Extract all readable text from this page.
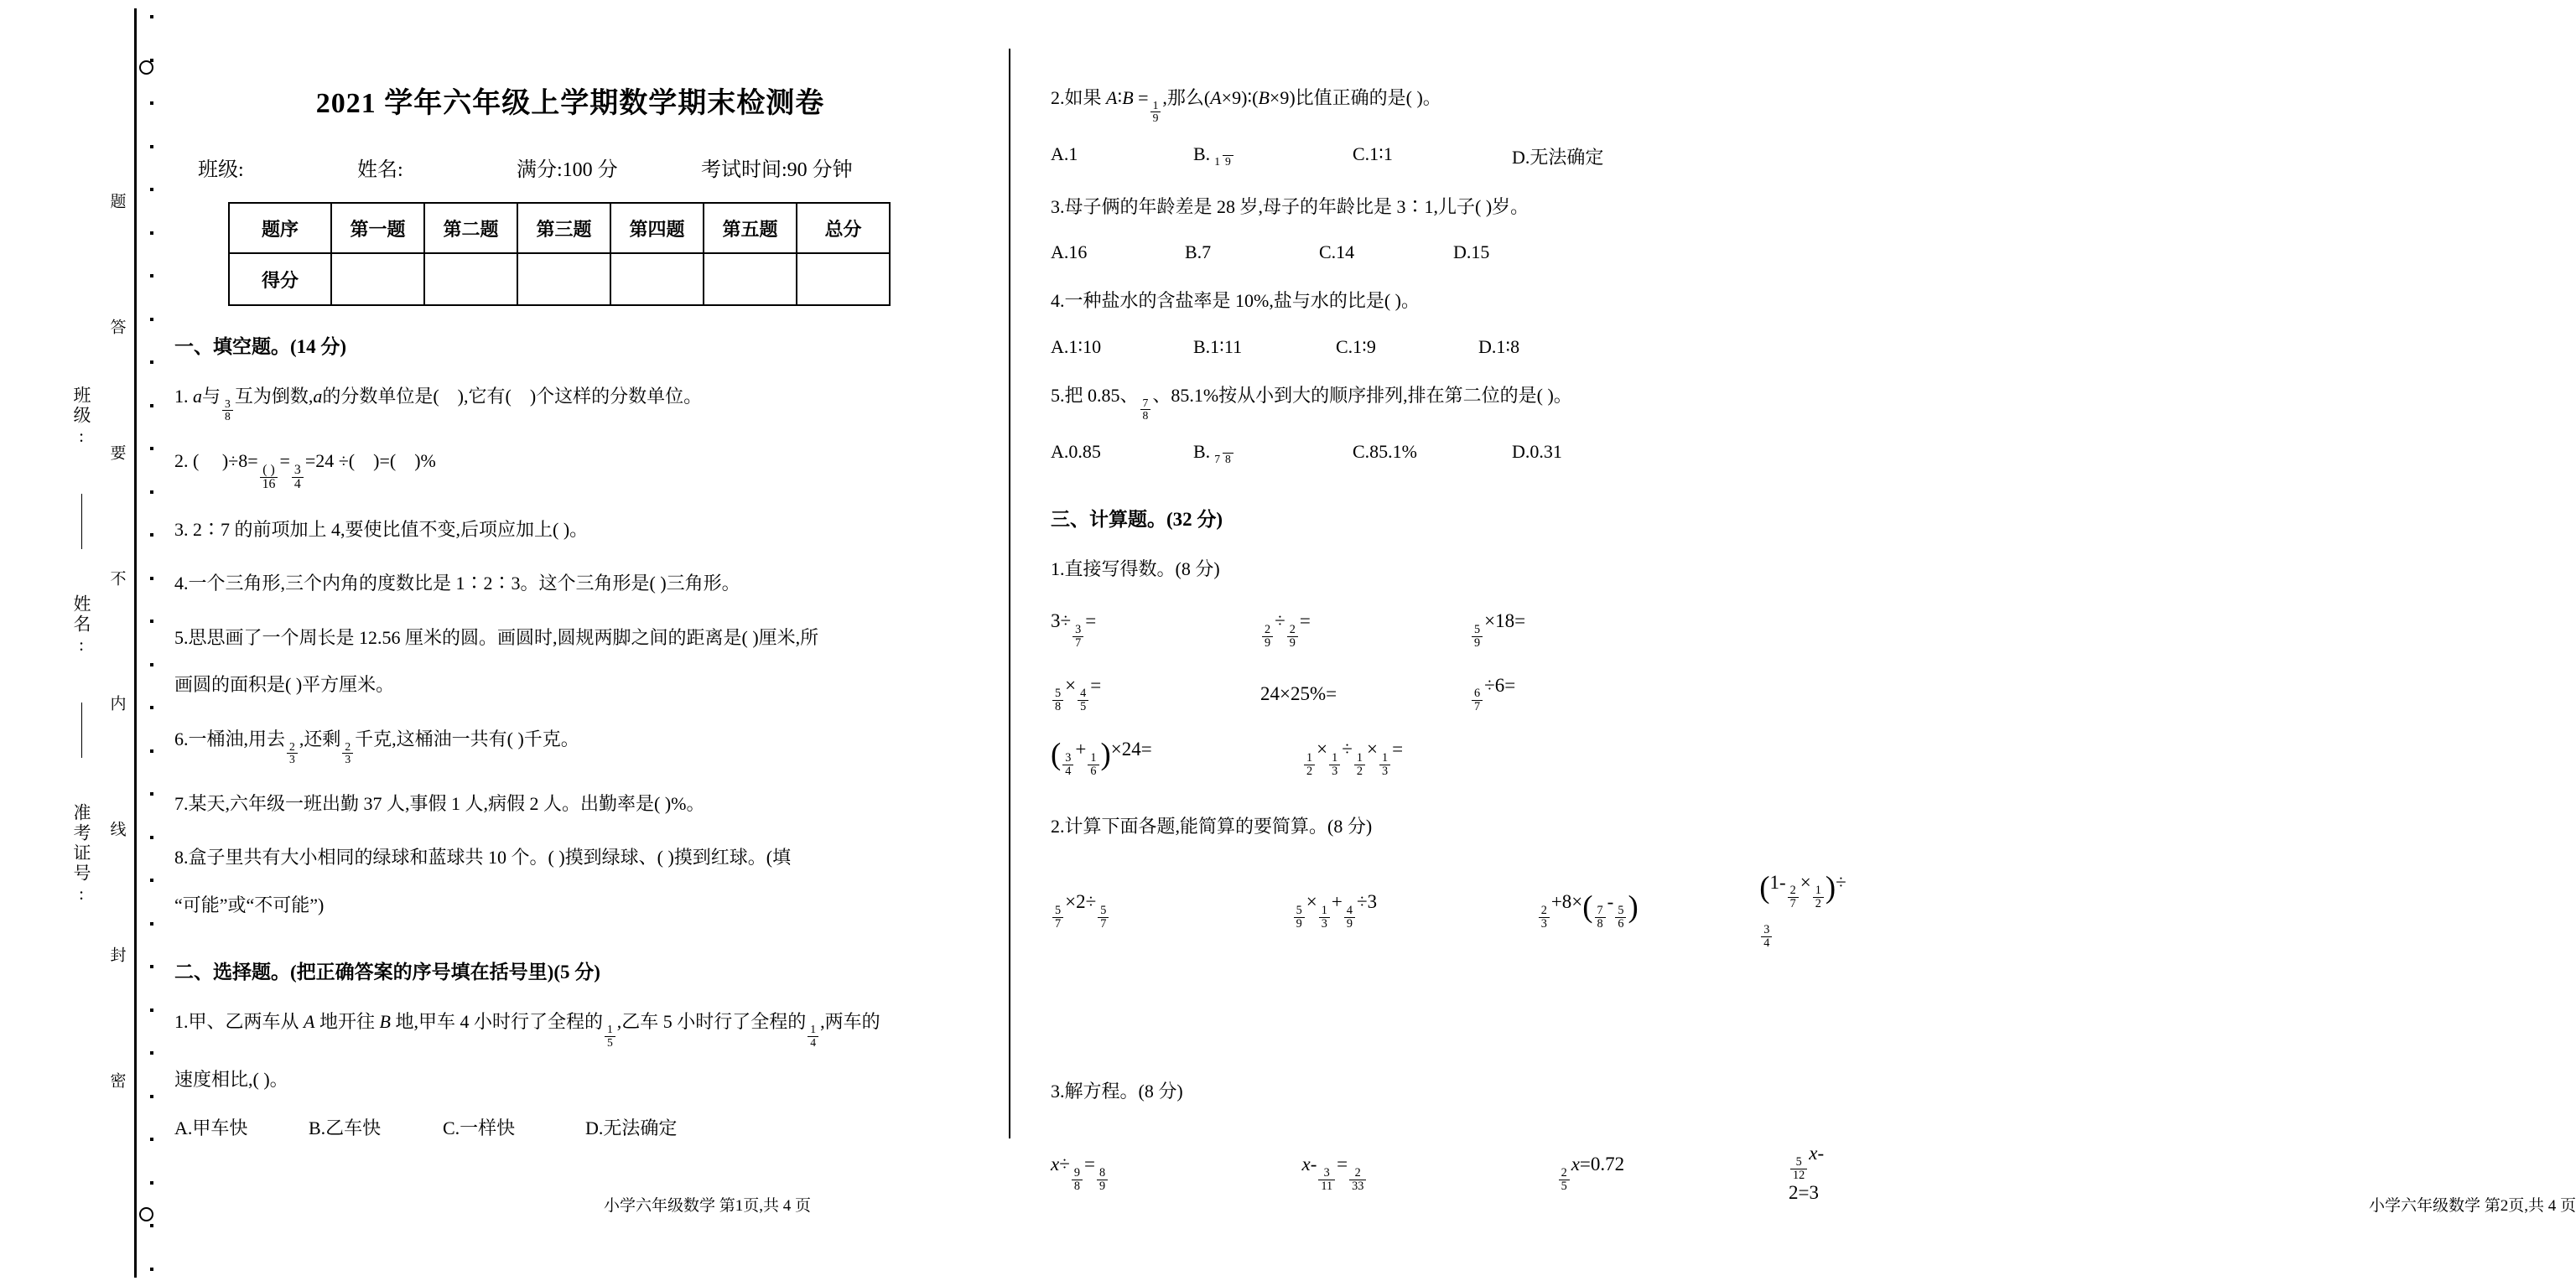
题
答
要
不
内
线
封
密
班级:
姓名:
准考证号:
2021 学年六年级上学期数学期末检测卷
班级:	姓名:	满分:100 分	考试时间:90 分钟
题序	第一题	第二题	第三题	第四题	第五题	总分
得分						
一、填空题。(14 分)
1. a与
$\frac{3}{8}$
互为倒数,a的分数单位是( ),它有( )个这样的分数单位。
2. ( )÷8=
$\frac{( )}{16}$
=
$\frac{3}{4}$
=24 ÷( )=( )%
3. 2∶7 的前项加上 4,要使比值不变,后项应加上( )。
4.一个三角形,三个内角的度数比是 1∶2∶3。这个三角形是( )三角形。
5.思思画了一个周长是 12.56 厘米的圆。画圆时,圆规两脚之间的距离是( )厘米,所
画圆的面积是( )平方厘米。
6.一桶油,用去
$\frac{2}{3}$
,还剩
$\frac{2}{3}$
千克,这桶油一共有( )千克。
7.某天,六年级一班出勤 37 人,事假 1 人,病假 2 人。出勤率是( )%。
8.盒子里共有大小相同的绿球和蓝球共 10 个。( )摸到绿球、( )摸到红球。(填
“可能”或“不可能”)
二、选择题。(把正确答案的序号填在括号里)(5 分)
1.甲、乙两车从 A 地开往 B 地,甲车 4 小时行了全程的
$\frac{1}{5}$
,乙车 5 小时行了全程的
$\frac{1}{4}$
,两车的
速度相比,( )。
A.甲车快	B.乙车快	C.一样快	D.无法确定
小学六年级数学 第1页,共 4 页
2.如果 A∶B =
$\frac{1}{9}$
,那么(A×9)∶(B×9)比值正确的是( )。
A.1	B. 1 9	C.1∶1	D.无法确定
3.母子俩的年龄差是 28 岁,母子的年龄比是 3∶1,儿子( )岁。
A.16	B.7	C.14	D.15
4.一种盐水的含盐率是 10%,盐与水的比是( )。
A.1∶10	B.1∶11	C.1∶9	D.1∶8
5.把 0.85、
$\frac{7}{8}$
、85.1%按从小到大的顺序排列,排在第二位的是( )。
A.0.85	B. 7 8	C.85.1%	D.0.31
三、计算题。(32 分)
1.直接写得数。(8 分)
3÷
$\frac{3}{7}$
=
$\frac{2}{9}$
÷
$\frac{2}{9}$
=
$\frac{5}{9}$
×18=
$\frac{5}{8}$
×
$\frac{4}{5}$
=	24×25%=	$\frac{6}{7}$
÷6=
( $\frac{3}{4}$
+
$\frac{1}{6} )\times 24=$
$\frac{1}{2}$
×
$\frac{1}{3}$
÷
$\frac{1}{2}$
×
$\frac{1}{3}$
=
2.计算下面各题,能简算的要简算。(8 分)
$\frac{5}{7}$
×2÷
$\frac{5}{7}$	$\frac{5}{9}$
×
$\frac{1}{3}$
+
$\frac{4}{9}$
÷3
$\frac{2}{3}$
$+8\times( \frac{7}{8}$
-
$\frac{5}{6}$ )
(1-
$\frac{2}{7}$
×
$\frac{1}{2}$ )÷
$\frac{3}{4}$
3.解方程。(8 分)
x÷
$\frac{9}{8}$
=
$\frac{8}{9}$
x-
$\frac{3}{11}$
=
$\frac{2}{33}$	$\frac{2}{5}$
x=0.72	$\frac{5}{12}$
x-2=3
小学六年级数学 第2页,共 4 页
